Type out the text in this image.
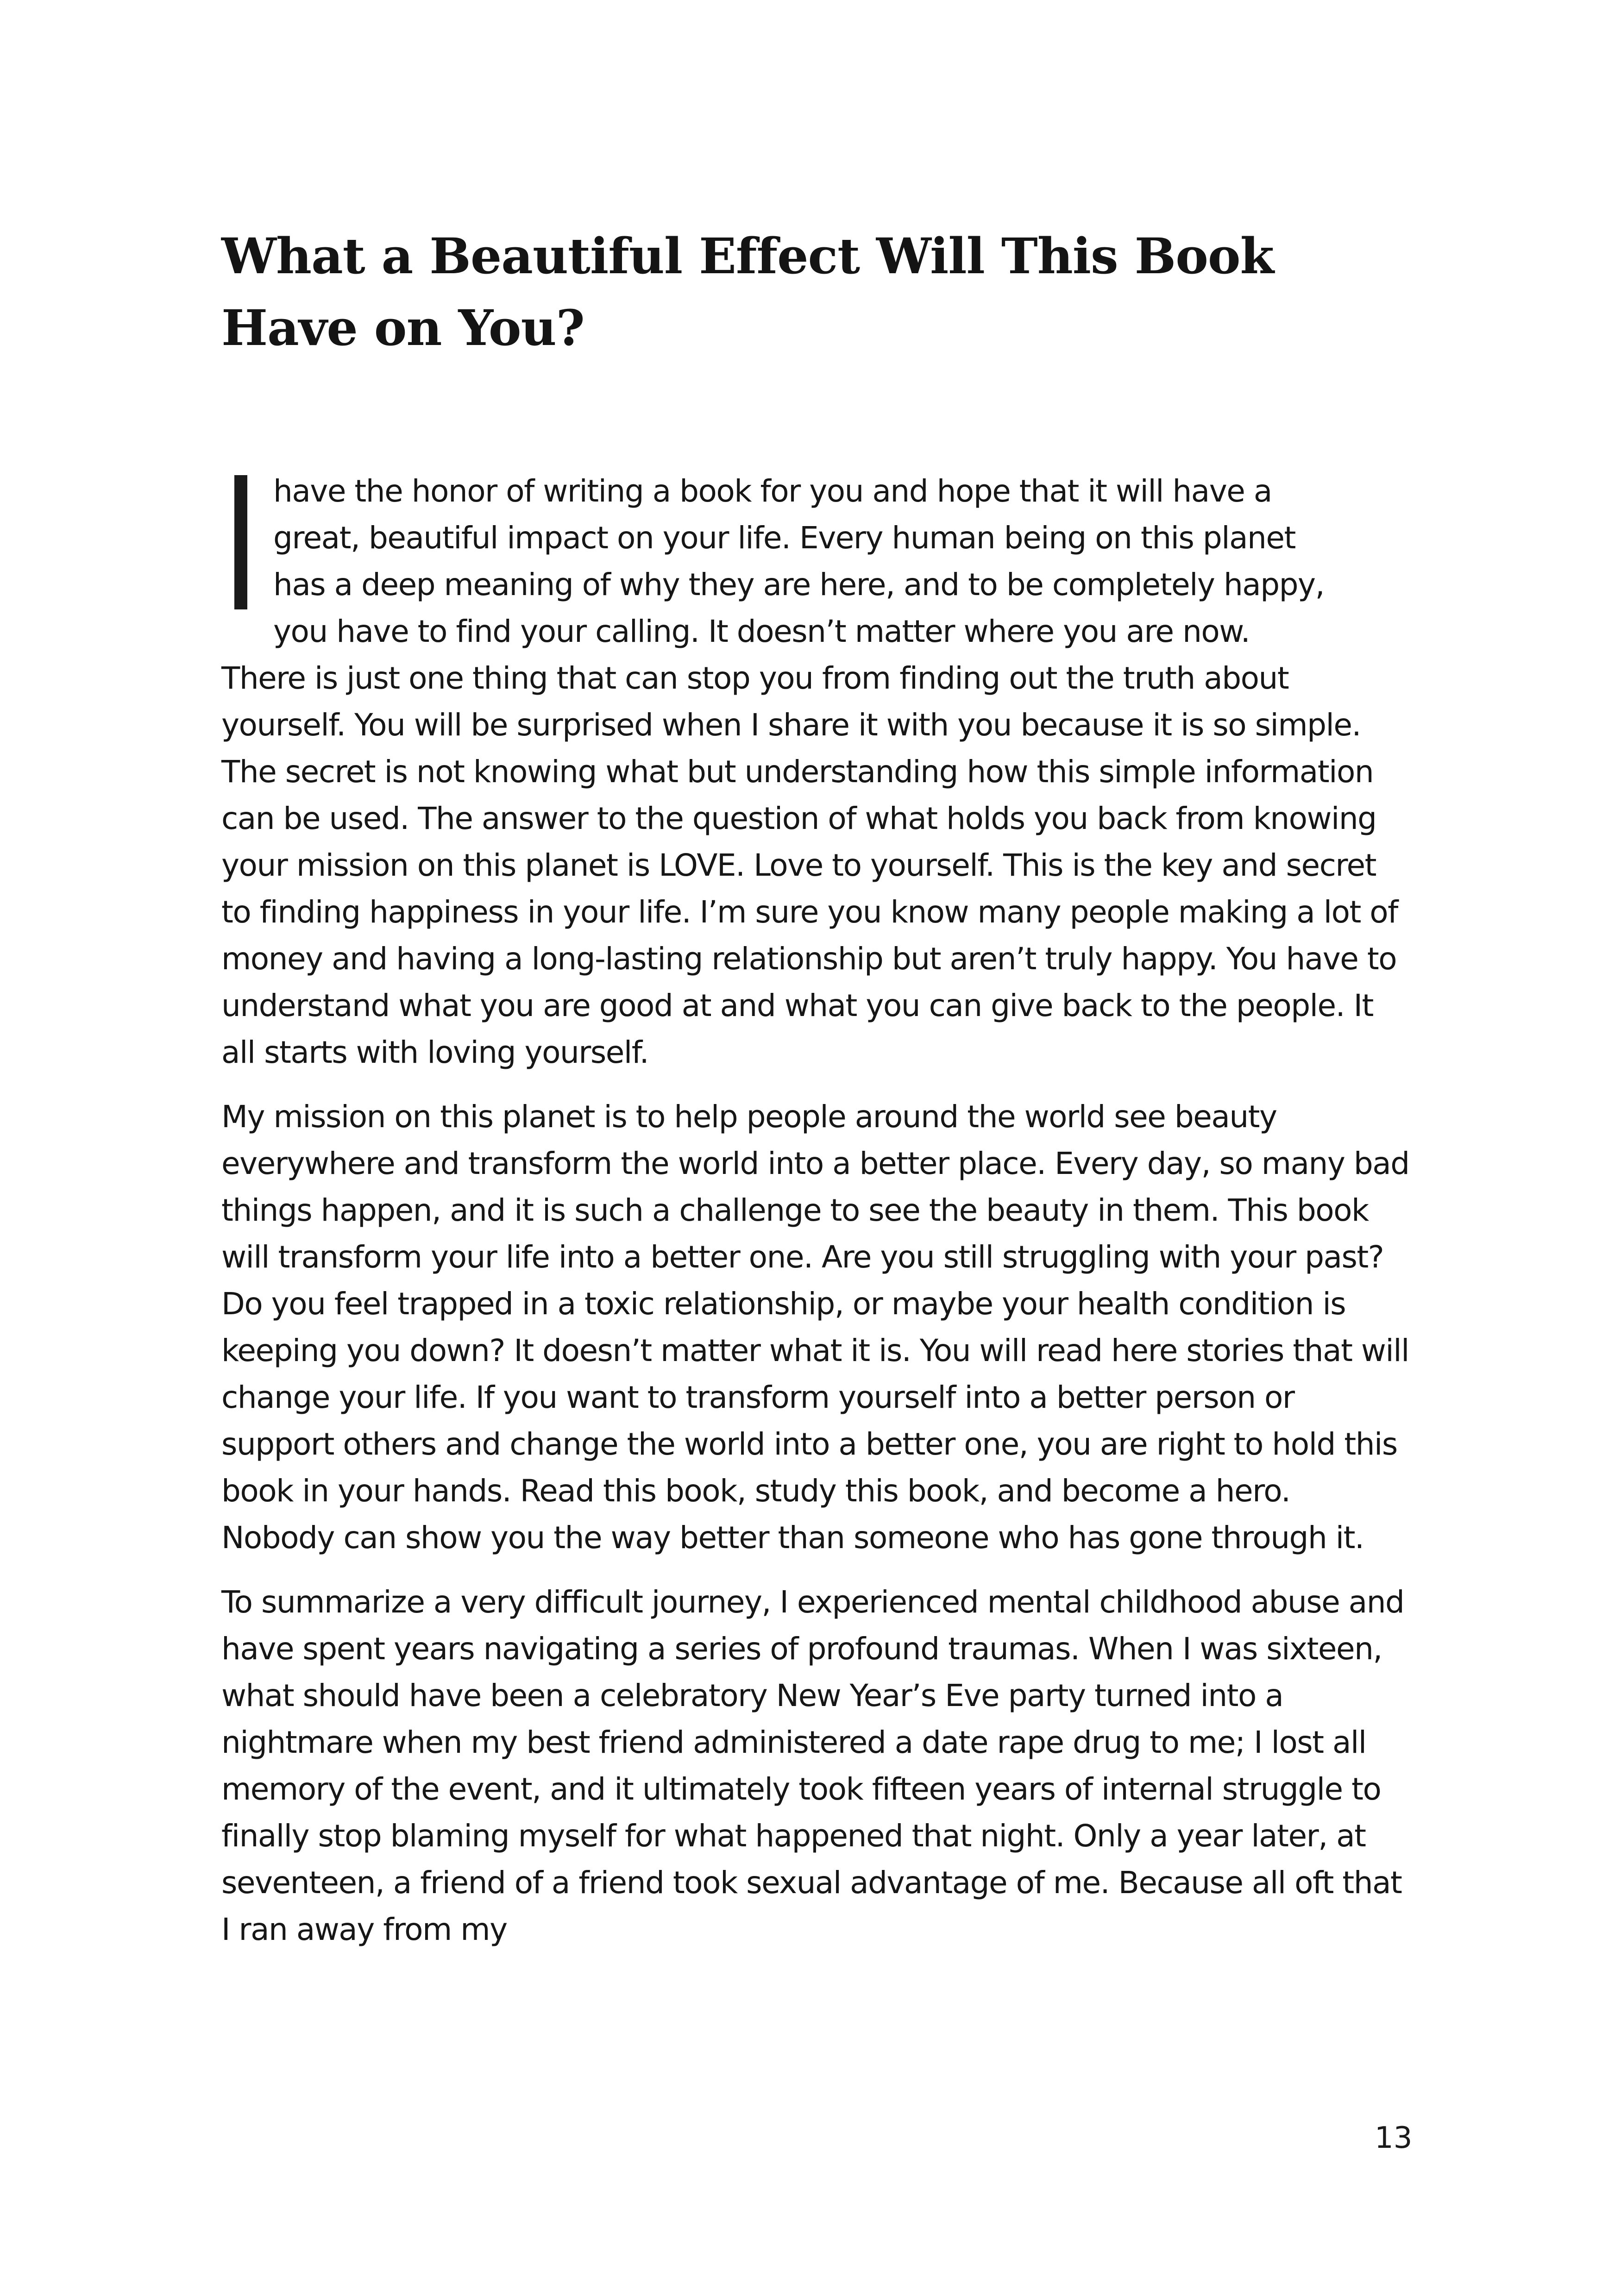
What a Beautiful Effect Will This Book Have on You?

have the honor of writing a book for you and hope that it will have a
great, beautiful impact on your life. Every human being on this planet
has a deep meaning of why they are here, and to be completely happy,
you have to find your calling. It doesn’t matter where you are now.
There is just one thing that can stop you from finding out the truth about yourself. You will be surprised when I share it with you because it is so simple. The secret is not knowing what but understanding how this simple information can be used. The answer to the question of what holds you back from knowing your mission on this planet is LOVE. Love to yourself. This is the key and secret to finding happiness in your life. I’m sure you know many people making a lot of money and having a long-lasting relationship but aren’t truly happy. You have to understand what you are good at and what you can give back to the people. It all starts with loving yourself.

My mission on this planet is to help people around the world see beauty everywhere and transform the world into a better place. Every day, so many bad things happen, and it is such a challenge to see the beauty in them. This book will transform your life into a better one. Are you still struggling with your past? Do you feel trapped in a toxic relationship, or maybe your health condition is keeping you down? It doesn’t matter what it is. You will read here stories that will change your life. If you want to transform yourself into a better person or support others and change the world into a better one, you are right to hold this book in your hands. Read this book, study this book, and become a hero. Nobody can show you the way better than someone who has gone through it.

To summarize a very difficult journey, I experienced mental childhood abuse and have spent years navigating a series of profound traumas. When I was sixteen, what should have been a celebratory New Year’s Eve party turned into a nightmare when my best friend administered a date rape drug to me; I lost all memory of the event, and it ultimately took fifteen years of internal struggle to finally stop blaming myself for what happened that night. Only a year later, at seventeen, a friend of a friend took sexual advantage of me. Because all oft that I ran away from my

13
